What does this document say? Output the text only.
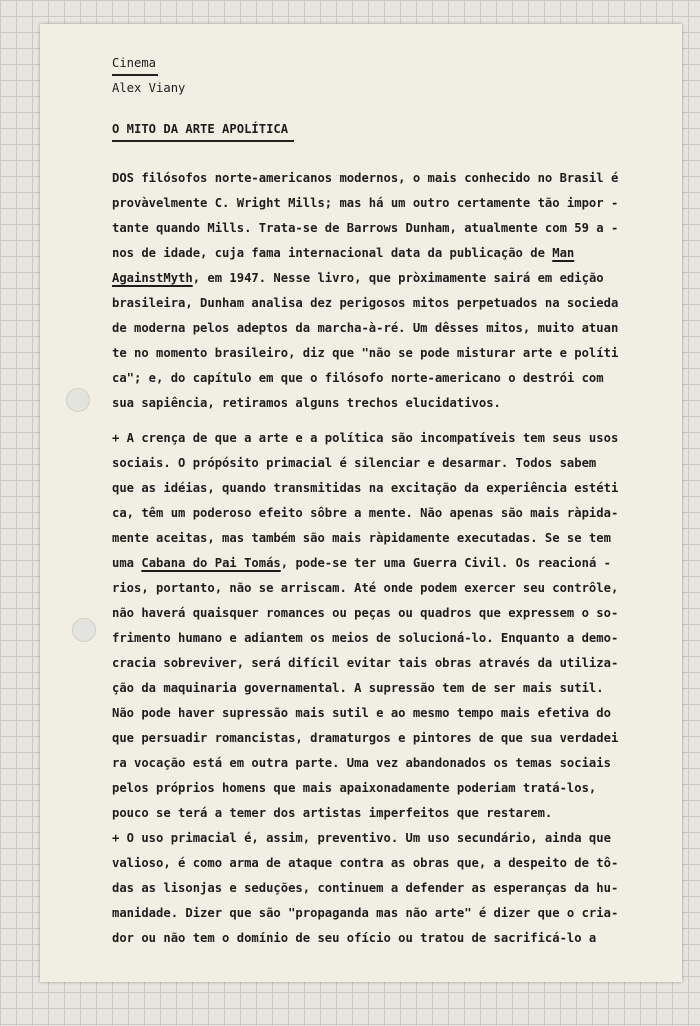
Cinema

Alex Viany

O MITO DA ARTE APOLÍTICA

DOS filósofos norte-americanos modernos, o mais conhecido no Brasil é

provàvelmente C. Wright Mills; mas há um outro certamente tão impor -

tante quando Mills. Trata-se de Barrows Dunham, atualmente com 59 a -

nos de idade, cuja fama internacional data da publicação de Man

AgainstMyth, em 1947. Nesse livro, que pròximamente sairá em edição

brasileira, Dunham analisa dez perigosos mitos perpetuados na socieda

de moderna pelos adeptos da marcha-à-ré. Um dêsses mitos, muito atuan

te no momento brasileiro, diz que "não se pode misturar arte e políti

ca"; e, do capítulo em que o filósofo norte-americano o destrói com

sua sapiência, retiramos alguns trechos elucidativos.

+ A crença de que a arte e a política são incompatíveis tem seus usos

sociais. O própósito primacial é silenciar e desarmar. Todos sabem

que as idéias, quando transmitidas na excitação da experiência estéti

ca, têm um poderoso efeito sôbre a mente. Não apenas são mais ràpida-

mente aceitas, mas também são mais ràpidamente executadas. Se se tem

uma Cabana do Pai Tomás, pode-se ter uma Guerra Civil. Os reacioná -

rios, portanto, não se arriscam. Até onde podem exercer seu contrôle,

não haverá quaisquer romances ou peças ou quadros que expressem o so-

frimento humano e adiantem os meios de solucioná-lo. Enquanto a demo-

cracia sobreviver, será difícil evitar tais obras através da utiliza-

ção da maquinaria governamental. A supressão tem de ser mais sutil.

Não pode haver supressão mais sutil e ao mesmo tempo mais efetiva do

que persuadir romancistas, dramaturgos e pintores de que sua verdadei

ra vocação está em outra parte. Uma vez abandonados os temas sociais

pelos próprios homens que mais apaixonadamente poderiam tratá-los,

pouco se terá a temer dos artistas imperfeitos que restarem.

+ O uso primacial é, assim, preventivo. Um uso secundário, ainda que

valioso, é como arma de ataque contra as obras que, a despeito de tô-

das as lisonjas e seduções, continuem a defender as esperanças da hu-

manidade. Dizer que são "propaganda mas não arte" é dizer que o cria-

dor ou não tem o domínio de seu ofício ou tratou de sacrificá-lo a
